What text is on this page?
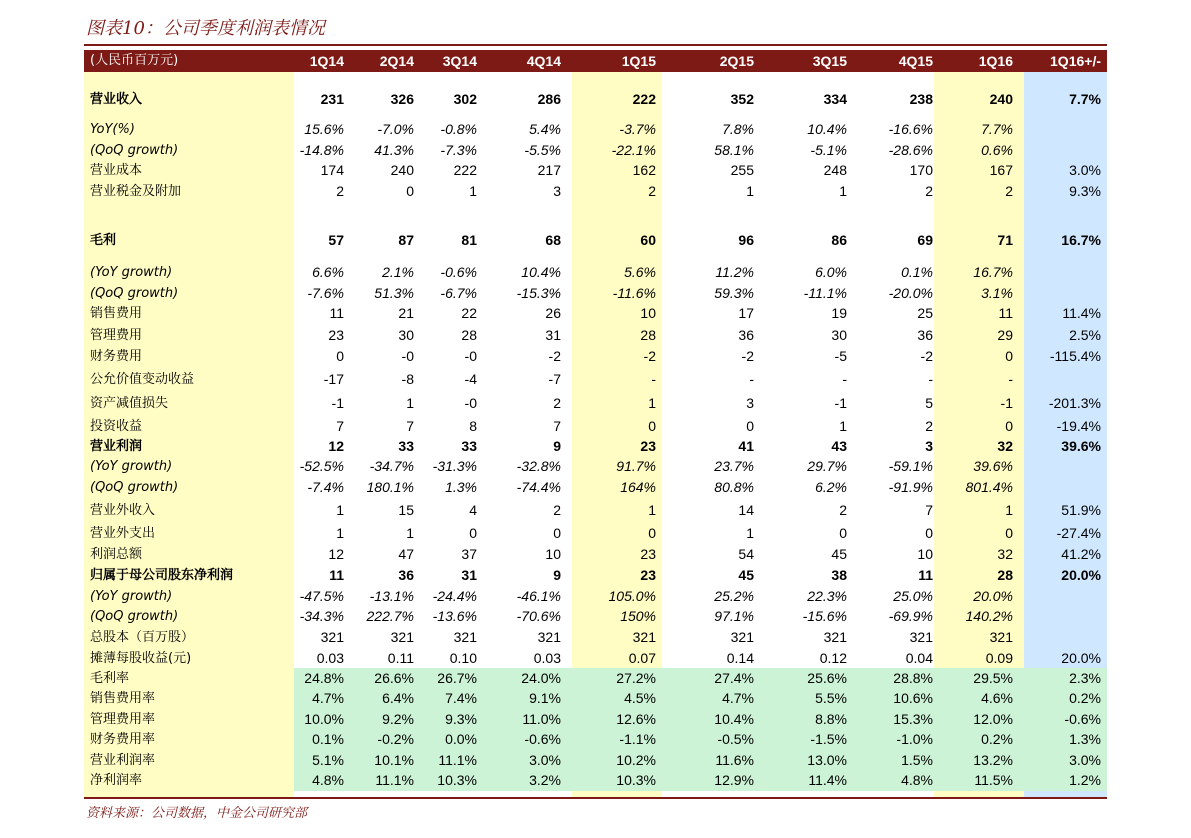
图表10：公司季度利润表情况
(人民币百万元)	1Q14	2Q14	3Q14	4Q14	1Q15	2Q15	3Q15	4Q15	1Q16	1Q16+/-
营业收入	231	326	302	286	222	352	334	238	240	7.7%
YoY(%)	15.6%	-7.0%	-0.8%	5.4%	-3.7%	7.8%	10.4%	-16.6%	7.7%
(QoQ growth)	-14.8%	41.3%	-7.3%	-5.5%	-22.1%	58.1%	-5.1%	-28.6%	0.6%
营业成本	174	240	222	217	162	255	248	170	167	3.0%
营业税金及附加	2	0	1	3	2	1	1	2	2	9.3%
毛利	57	87	81	68	60	96	86	69	71	16.7%
(YoY growth)	6.6%	2.1%	-0.6%	10.4%	5.6%	11.2%	6.0%	0.1%	16.7%
(QoQ growth)	-7.6%	51.3%	-6.7%	-15.3%	-11.6%	59.3%	-11.1%	-20.0%	3.1%
销售费用	11	21	22	26	10	17	19	25	11	11.4%
管理费用	23	30	28	31	28	36	30	36	29	2.5%
财务费用	0	-0	-0	-2	-2	-2	-5	-2	0	-115.4%
公允价值变动收益	-17	-8	-4	-7	-	-	-	-	-
资产减值损失	-1	1	-0	2	1	3	-1	5	-1	-201.3%
投资收益	7	7	8	7	0	0	1	2	0	-19.4%
营业利润	12	33	33	9	23	41	43	3	32	39.6%
(YoY growth)	-52.5%	-34.7%	-31.3%	-32.8%	91.7%	23.7%	29.7%	-59.1%	39.6%
(QoQ growth)	-7.4%	180.1%	1.3%	-74.4%	164%	80.8%	6.2%	-91.9%	801.4%
营业外收入	1	15	4	2	1	14	2	7	1	51.9%
营业外支出	1	1	0	0	0	1	0	0	0	-27.4%
利润总额	12	47	37	10	23	54	45	10	32	41.2%
归属于母公司股东净利润	11	36	31	9	23	45	38	11	28	20.0%
(YoY growth)	-47.5%	-13.1%	-24.4%	-46.1%	105.0%	25.2%	22.3%	25.0%	20.0%
(QoQ growth)	-34.3%	222.7%	-13.6%	-70.6%	150%	97.1%	-15.6%	-69.9%	140.2%
总股本（百万股）	321	321	321	321	321	321	321	321	321
摊薄每股收益(元)	0.03	0.11	0.10	0.03	0.07	0.14	0.12	0.04	0.09	20.0%
毛利率	24.8%	26.6%	26.7%	24.0%	27.2%	27.4%	25.6%	28.8%	29.5%	2.3%
销售费用率	4.7%	6.4%	7.4%	9.1%	4.5%	4.7%	5.5%	10.6%	4.6%	0.2%
管理费用率	10.0%	9.2%	9.3%	11.0%	12.6%	10.4%	8.8%	15.3%	12.0%	-0.6%
财务费用率	0.1%	-0.2%	0.0%	-0.6%	-1.1%	-0.5%	-1.5%	-1.0%	0.2%	1.3%
营业利润率	5.1%	10.1%	11.1%	3.0%	10.2%	11.6%	13.0%	1.5%	13.2%	3.0%
净利润率	4.8%	11.1%	10.3%	3.2%	10.3%	12.9%	11.4%	4.8%	11.5%	1.2%
资料来源：公司数据，中金公司研究部
